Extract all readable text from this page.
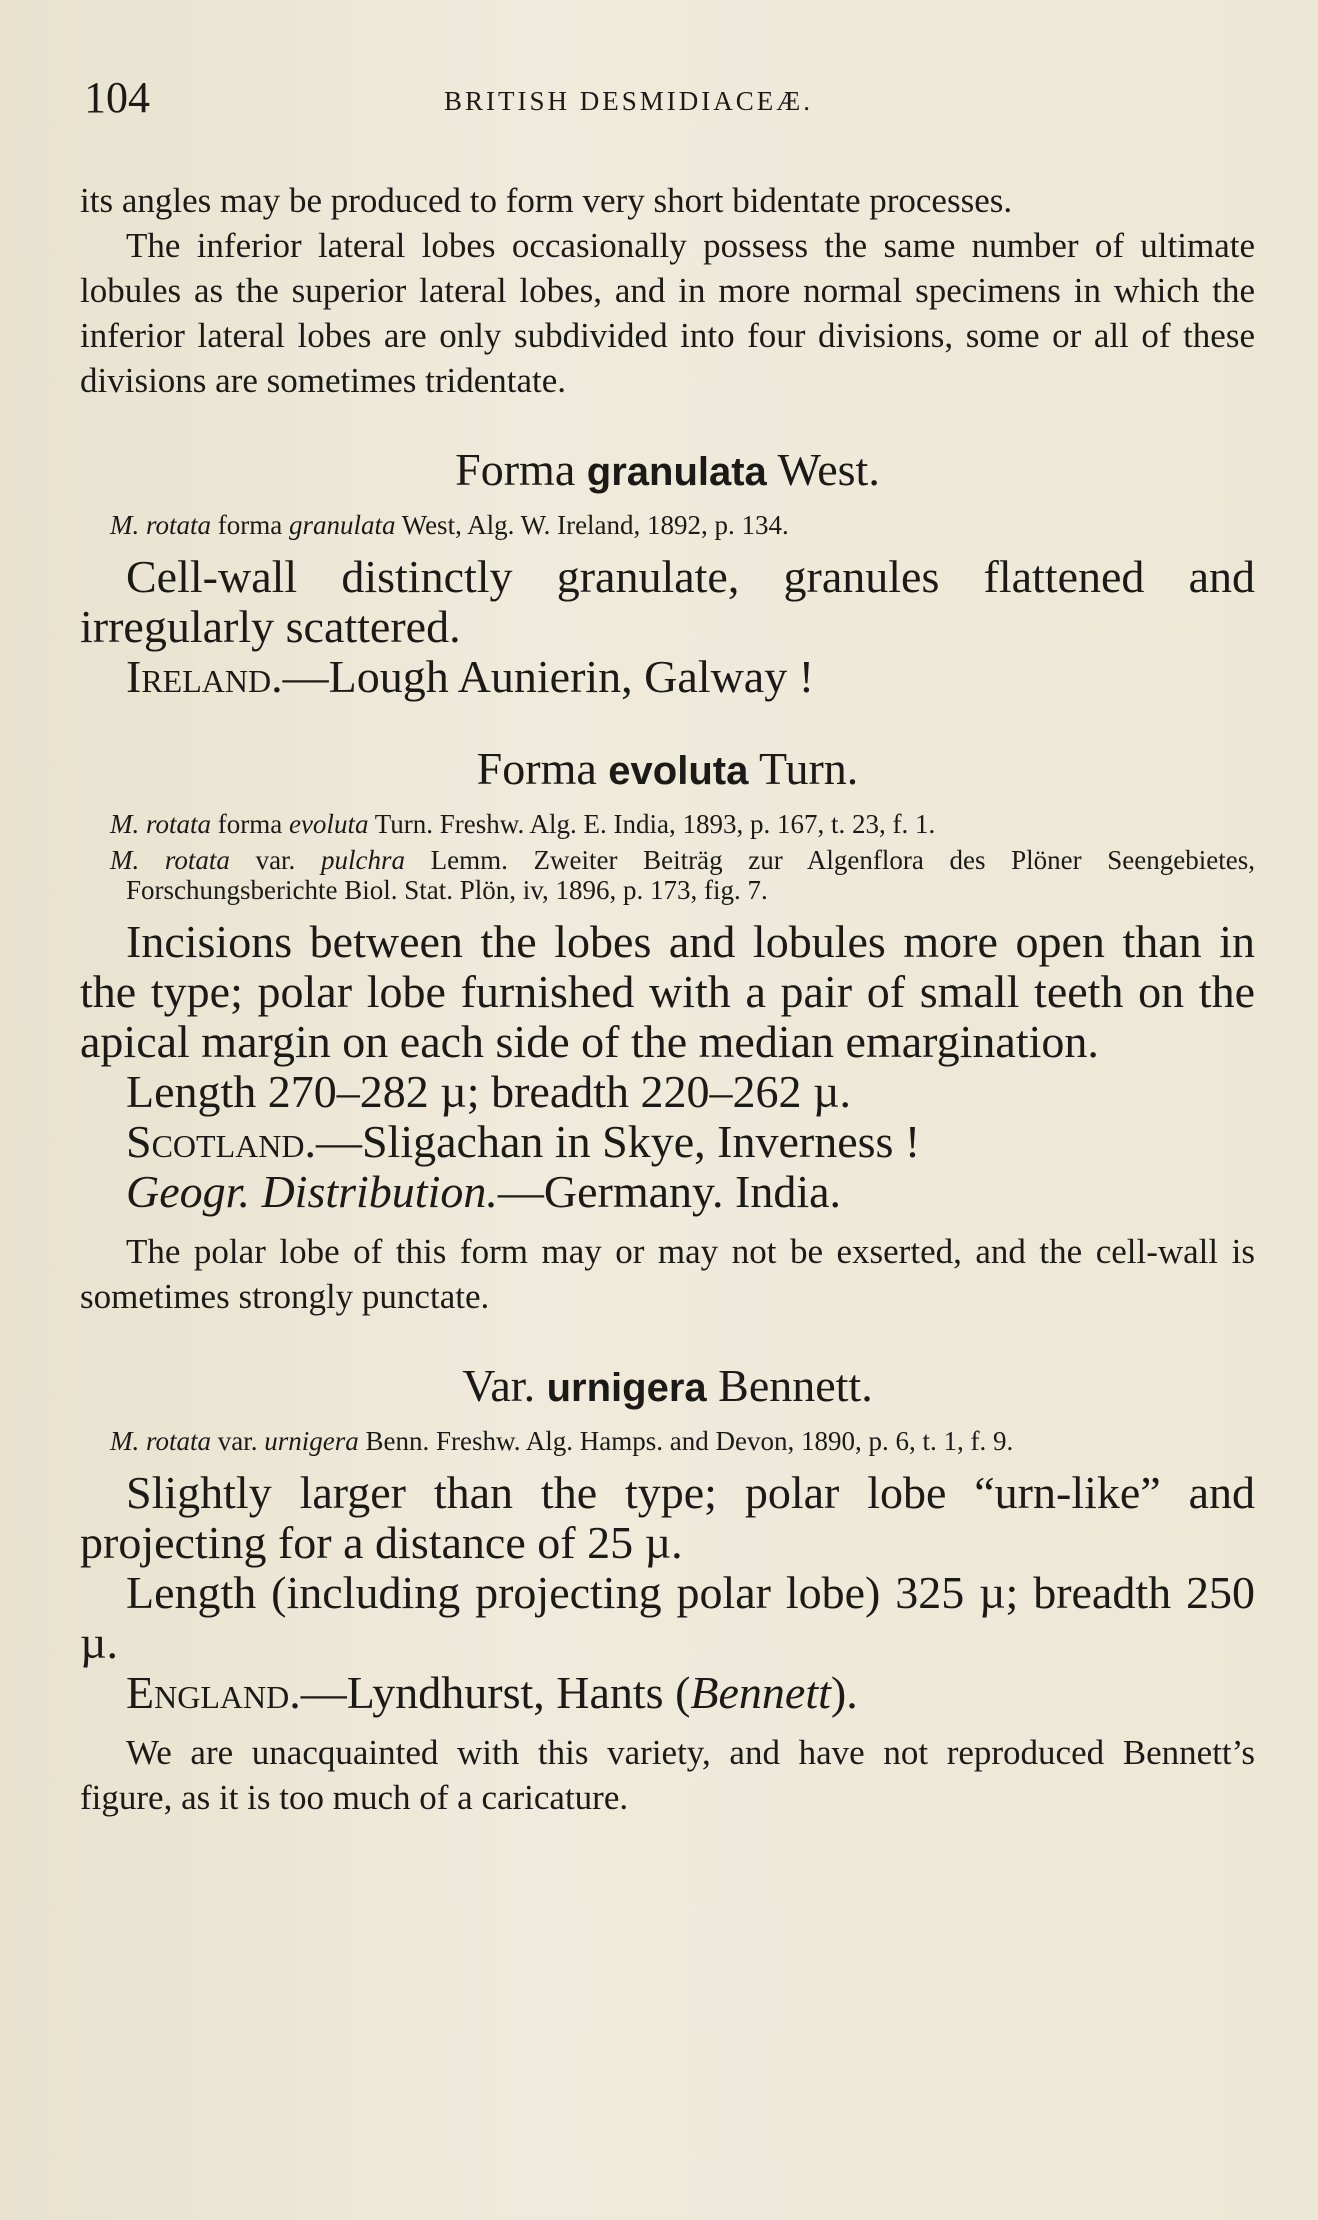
104	BRITISH DESMIDIACEÆ.

its angles may be produced to form very short bidentate processes.

The inferior lateral lobes occasionally possess the same number of ultimate lobules as the superior lateral lobes, and in more normal specimens in which the inferior lateral lobes are only subdivided into four divisions, some or all of these divisions are sometimes tridentate.

Forma granulata West.

M. rotata forma granulata West, Alg. W. Ireland, 1892, p. 134.

Cell-wall distinctly granulate, granules flattened and irregularly scattered.

Ireland.—Lough Aunierin, Galway !

Forma evoluta Turn.

M. rotata forma evoluta Turn. Freshw. Alg. E. India, 1893, p. 167, t. 23, f. 1.

M. rotata var. pulchra Lemm. Zweiter Beiträg zur Algenflora des Plöner Seengebietes, Forschungsberichte Biol. Stat. Plön, iv, 1896, p. 173, fig. 7.

Incisions between the lobes and lobules more open than in the type; polar lobe furnished with a pair of small teeth on the apical margin on each side of the median emargination.

Length 270–282 µ; breadth 220–262 µ.

Scotland.—Sligachan in Skye, Inverness !

Geogr. Distribution.—Germany. India.

The polar lobe of this form may or may not be exserted, and the cell-wall is sometimes strongly punctate.

Var. urnigera Bennett.

M. rotata var. urnigera Benn. Freshw. Alg. Hamps. and Devon, 1890, p. 6, t. 1, f. 9.

Slightly larger than the type; polar lobe “urn-like” and projecting for a distance of 25 µ.

Length (including projecting polar lobe) 325 µ; breadth 250 µ.

England.—Lyndhurst, Hants (Bennett).

We are unacquainted with this variety, and have not reproduced Bennett’s figure, as it is too much of a caricature.
